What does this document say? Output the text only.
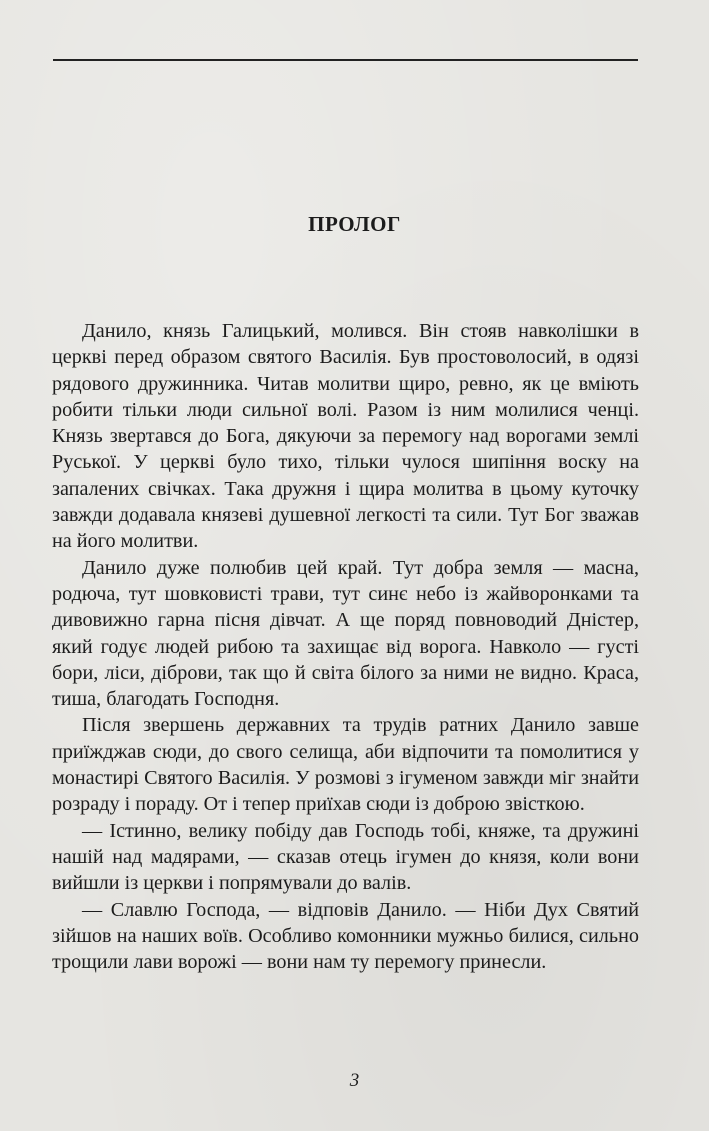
ПРОЛОГ

Данило, князь Галицький, молився. Він стояв навколішки в церкві перед образом святого Василія. Був простоволосий, в одязі рядового дружинника. Читав молитви щиро, ревно, як це вміють робити тільки люди сильної волі. Разом із ним молилися ченці. Князь звертався до Бога, дякуючи за перемогу над ворогами землі Руської. У церкві було тихо, тільки чулося шипіння воску на запалених свічках. Така дружня і щира молитва в цьому куточку завжди додавала князеві душевної легкості та сили. Тут Бог зважав на його молитви.

Данило дуже полюбив цей край. Тут добра земля — масна, родюча, тут шовковисті трави, тут синє небо із жайворонками та дивовижно гарна пісня дівчат. А ще поряд повноводий Дністер, який годує людей рибою та захищає від ворога. Навколо — густі бори, ліси, діброви, так що й світа білого за ними не видно. Краса, тиша, благодать Господня.

Після звершень державних та трудів ратних Данило завше приїжджав сюди, до свого селища, аби відпочити та помолитися у монастирі Святого Василія. У розмові з ігуменом завжди міг знайти розраду і пораду. От і тепер приїхав сюди із доброю звісткою.

— Істинно, велику побіду дав Господь тобі, княже, та дружині нашій над мадярами, — сказав отець ігумен до князя, коли вони вийшли із церкви і попрямували до валів.

— Славлю Господа, — відповів Данило. — Ніби Дух Святий зійшов на наших воїв. Особливо комонники мужньо билися, сильно трощили лави ворожі — вони нам ту перемогу принесли.

3
